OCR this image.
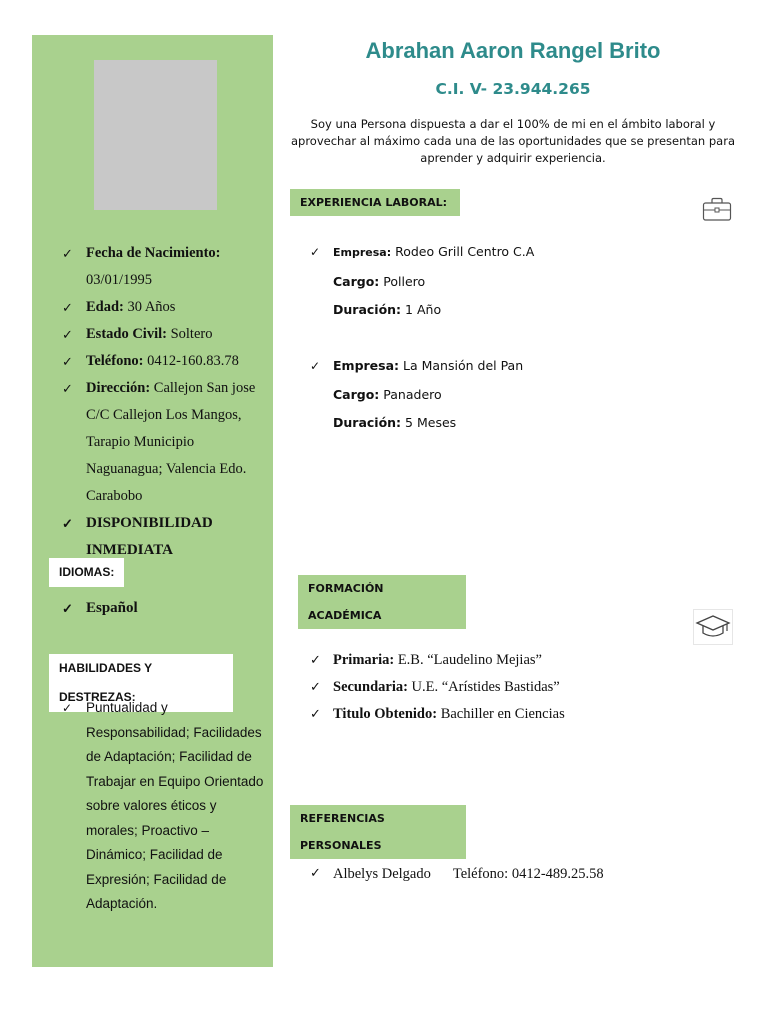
✓ Fecha de Nacimiento:
03/01/1995
✓ Edad: 30 Años
✓ Estado Civil: Soltero
✓ Teléfono: 0412-160.83.78
✓ Dirección: Callejon San jose C/C Callejon Los Mangos, Tarapio Municipio Naguanagua; Valencia Edo. Carabobo
✓ DISPONIBILIDAD INMEDIATA
IDIOMAS:
✓ Español
HABILIDADES Y DESTREZAS:
✓ Puntualidad y Responsabilidad; Facilidades de Adaptación; Facilidad de Trabajar en Equipo Orientado sobre valores éticos y morales; Proactivo – Dinámico; Facilidad de Expresión; Facilidad de Adaptación.
Abrahan Aaron Rangel Brito
C.I. V- 23.944.265
Soy una Persona dispuesta a dar el 100% de mi en el ámbito laboral y aprovechar al máximo cada una de las oportunidades que se presentan para aprender y adquirir experiencia.
EXPERIENCIA LABORAL:
✓ Empresa: Rodeo Grill Centro C.A
Cargo: Pollero
Duración: 1 Año
✓ Empresa: La Mansión del Pan
Cargo: Panadero
Duración: 5 Meses
FORMACIÓN ACADÉMICA
✓ Primaria: E.B. “Laudelino Mejias”
✓ Secundaria: U.E. “Arístides Bastidas”
✓ Titulo Obtenido: Bachiller en Ciencias
REFERENCIAS PERSONALES
✓ Albelys Delgado Teléfono: 0412-489.25.58
